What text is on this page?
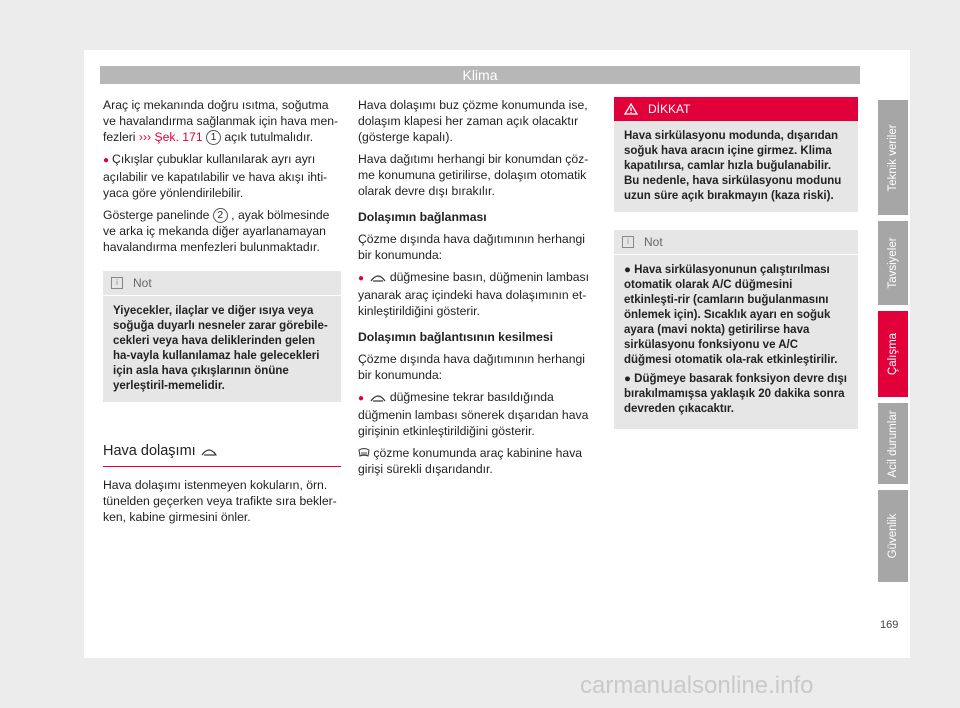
Klima

Araç iç mekanında doğru ısıtma, soğutma ve havalandırma sağlanmak için hava men-fezleri ››› Şek. 171 1 açık tutulmalıdır.

● Çıkışlar çubuklar kullanılarak ayrı ayrı açılabilir ve kapatılabilir ve hava akışı ihti-yaca göre yönlendirilebilir.

Gösterge panelinde 2 , ayak bölmesinde ve arka iç mekanda diğer ayarlanamayan havalandırma menfezleri bulunmaktadır.

i	Not
Yiyecekler, ilaçlar ve diğer ısıya veya soğuğa duyarlı nesneler zarar görebile-cekleri veya hava deliklerinden gelen ha-vayla kullanılamaz hale gelecekleri için asla hava çıkışlarının önüne yerleştiril-memelidir.
Hava dolaşımı

Hava dolaşımı istenmeyen kokuların, örn. tünelden geçerken veya trafikte sıra bekler-ken, kabine girmesini önler.

Hava dolaşımı buz çözme konumunda ise, dolaşım klapesi her zaman açık olacaktır (gösterge kapalı).

Hava dağıtımı herhangi bir konumdan çöz-me konumuna getirilirse, dolaşım otomatik olarak devre dışı bırakılır.

Dolaşımın bağlanması

Çözme dışında hava dağıtımının herhangi bir konumunda:

● düğmesine basın, düğmenin lambası yanarak araç içindeki hava dolaşımının et-kinleştirildiğini gösterir.

Dolaşımın bağlantısının kesilmesi

Çözme dışında hava dağıtımının herhangi bir konumunda:

● düğmesine tekrar basıldığında düğmenin lambası sönerek dışarıdan hava girişinin etkinleştirildiğini gösterir.

çözme konumunda araç kabinine hava girişi sürekli dışarıdandır.

DİKKAT
Hava sirkülasyonu modunda, dışarıdan soğuk hava aracın içine girmez. Klima kapatılırsa, camlar hızla buğulanabilir. Bu nedenle, hava sirkülasyonu modunu uzun süre açık bırakmayın (kaza riski).
i	Not

● Hava sirkülasyonunun çalıştırılması otomatik olarak A/C düğmesini etkinleşti-rir (camların buğulanmasını önlemek için). Sıcaklık ayarı en soğuk ayara (mavi nokta) getirilirse hava sirkülasyonu fonksiyonu ve A/C düğmesi otomatik ola-rak etkinleştirilir.

● Düğmeye basarak fonksiyon devre dışı bırakılmamışsa yaklaşık 20 dakika sonra devreden çıkacaktır.

Teknik veriler
Tavsiyeler
Çalışma
Acil durumlar
Güvenlik
169
carmanualsonline.info
